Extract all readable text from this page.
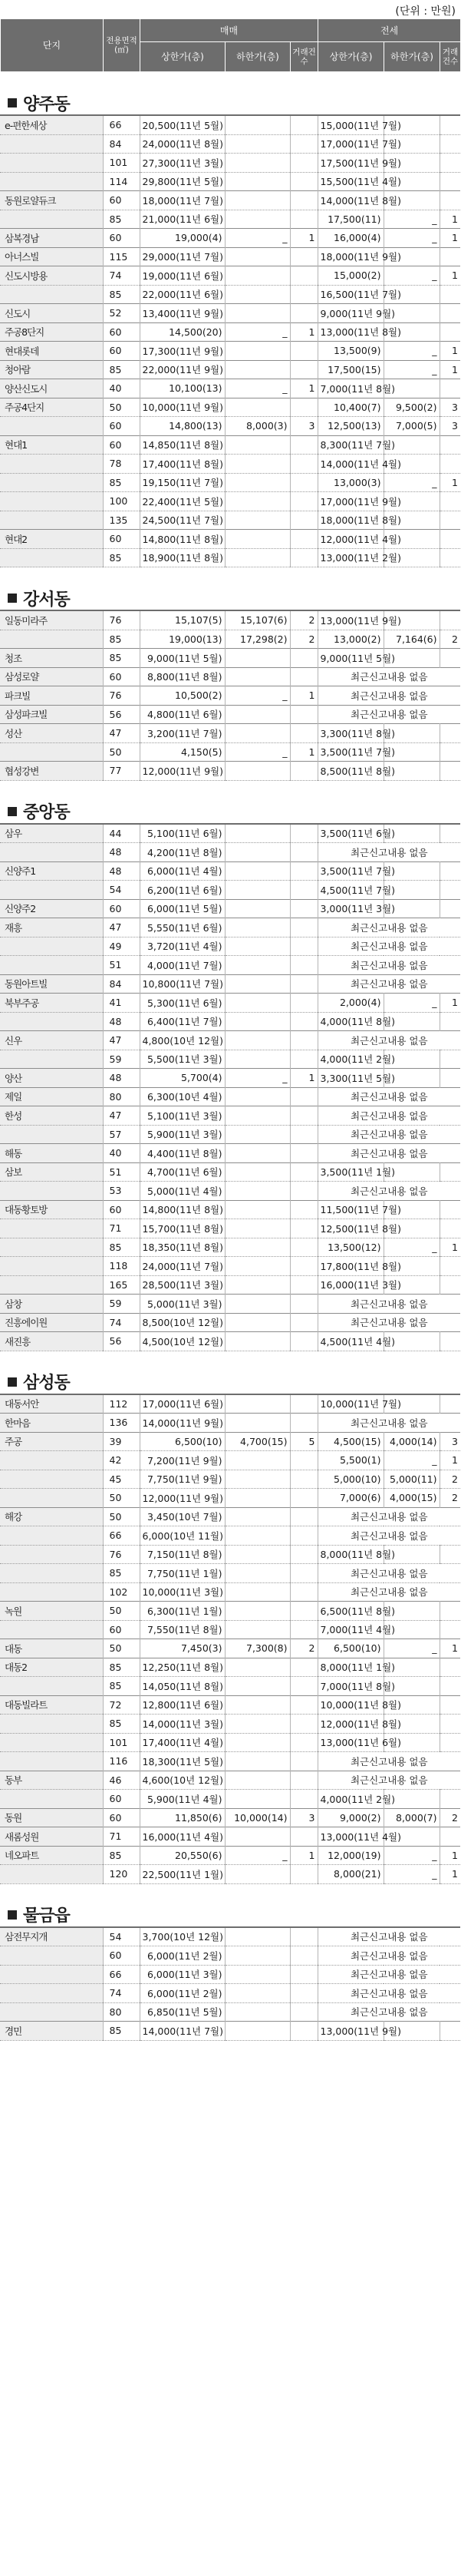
(단위 : 만원)
단지	전용면적(㎡)	매매			전세		
		상한가(층)	하한가(층)	거래건수	상한가(층)	하한가(층)	거래건수
양주동
e-편한세상	66	20,500(11년 5월)			15,000(11년 7월)		
	84	24,000(11년 8월)			17,000(11년 7월)		
	101	27,300(11년 3월)			17,500(11년 9월)		
	114	29,800(11년 5월)			15,500(11년 4월)		
동원로얄듀크	60	18,000(11년 7월)			14,000(11년 8월)		
	85	21,000(11년 6월)			17,500(11)	_	1
삼복경남	60	19,000(4)	_	1	16,000(4)	_	1
아너스빌	115	29,000(11년 7월)			18,000(11년 9월)		
신도시방용	74	19,000(11년 6월)			15,000(2)	_	1
	85	22,000(11년 6월)			16,500(11년 7월)		
신도시	52	13,400(11년 9월)			9,000(11년 9월)		
주공8단지	60	14,500(20)	_	1	13,000(11년 8월)		
현대롯데	60	17,300(11년 9월)			13,500(9)	_	1
청아람	85	22,000(11년 9월)			17,500(15)	_	1
양산신도시	40	10,100(13)	_	1	7,000(11년 8월)		
주공4단지	50	10,000(11년 9월)			10,400(7)	9,500(2)	3
	60	14,800(13)	8,000(3)	3	12,500(13)	7,000(5)	3
현대1	60	14,850(11년 8월)			8,300(11년 7월)		
	78	17,400(11년 8월)			14,000(11년 4월)		
	85	19,150(11년 7월)			13,000(3)	_	1
	100	22,400(11년 5월)			17,000(11년 9월)		
	135	24,500(11년 7월)			18,000(11년 8월)		
현대2	60	14,800(11년 8월)			12,000(11년 4월)		
	85	18,900(11년 8월)			13,000(11년 2월)		
강서동
일동미라주	76	15,107(5)	15,107(6)	2	13,000(11년 9월)		
	85	19,000(13)	17,298(2)	2	13,000(2)	7,164(6)	2
청조	85	9,000(11년 5월)			9,000(11년 5월)		
삼성로얄	60	8,800(11년 8월)			최근신고내용 없음		
파크빌	76	10,500(2)	_	1	최근신고내용 없음		
삼성파크빌	56	4,800(11년 6월)			최근신고내용 없음		
성산	47	3,200(11년 7월)			3,300(11년 8월)		
	50	4,150(5)	_	1	3,500(11년 7월)		
협성강변	77	12,000(11년 9월)			8,500(11년 8월)		
중앙동
삼우	44	5,100(11년 6월)			3,500(11년 6월)		
	48	4,200(11년 8월)			최근신고내용 없음		
신양주1	48	6,000(11년 4월)			3,500(11년 7월)		
	54	6,200(11년 6월)			4,500(11년 7월)		
신양주2	60	6,000(11년 5월)			3,000(11년 3월)		
재흥	47	5,550(11년 6월)			최근신고내용 없음		
	49	3,720(11년 4월)			최근신고내용 없음		
	51	4,000(11년 7월)			최근신고내용 없음		
동원아트빌	84	10,800(11년 7월)			최근신고내용 없음		
북부주공	41	5,300(11년 6월)			2,000(4)	_	1
	48	6,400(11년 7월)			4,000(11년 8월)		
신우	47	4,800(10년 12월)			최근신고내용 없음		
	59	5,500(11년 3월)			4,000(11년 2월)		
양산	48	5,700(4)	_	1	3,300(11년 5월)		
제일	80	6,300(10년 4월)			최근신고내용 없음		
한성	47	5,100(11년 3월)			최근신고내용 없음		
	57	5,900(11년 3월)			최근신고내용 없음		
해동	40	4,400(11년 8월)			최근신고내용 없음		
삼보	51	4,700(11년 6월)			3,500(11년 1월)		
	53	5,000(11년 4월)			최근신고내용 없음		
대동황토방	60	14,800(11년 8월)			11,500(11년 7월)		
	71	15,700(11년 8월)			12,500(11년 8월)		
	85	18,350(11년 8월)			13,500(12)	_	1
	118	24,000(11년 7월)			17,800(11년 8월)		
	165	28,500(11년 3월)			16,000(11년 3월)		
삼창	59	5,000(11년 3월)			최근신고내용 없음		
진흥에이원	74	8,500(10년 12월)			최근신고내용 없음		
새진흥	56	4,500(10년 12월)			4,500(11년 4월)		
삼성동
대동서안	112	17,000(11년 6월)			10,000(11년 7월)		
한마음	136	14,000(11년 9월)			최근신고내용 없음		
주공	39	6,500(10)	4,700(15)	5	4,500(15)	4,000(14)	3
	42	7,200(11년 9월)			5,500(1)	_	1
	45	7,750(11년 9월)			5,000(10)	5,000(11)	2
	50	12,000(11년 9월)			7,000(6)	4,000(15)	2
해강	50	3,450(10년 7월)			최근신고내용 없음		
	66	6,000(10년 11월)			최근신고내용 없음		
	76	7,150(11년 8월)			8,000(11년 8월)		
	85	7,750(11년 1월)			최근신고내용 없음		
	102	10,000(11년 3월)			최근신고내용 없음		
녹원	50	6,300(11년 1월)			6,500(11년 8월)		
	60	7,550(11년 8월)			7,000(11년 4월)		
대동	50	7,450(3)	7,300(8)	2	6,500(10)	_	1
대동2	85	12,250(11년 8월)			8,000(11년 1월)		
	85	14,050(11년 8월)			7,000(11년 8월)		
대동빌라트	72	12,800(11년 6월)			10,000(11년 8월)		
	85	14,000(11년 3월)			12,000(11년 8월)		
	101	17,400(11년 4월)			13,000(11년 6월)		
	116	18,300(11년 5월)			최근신고내용 없음		
동부	46	4,600(10년 12월)			최근신고내용 없음		
	60	5,900(11년 4월)			4,000(11년 2월)		
동원	60	11,850(6)	10,000(14)	3	9,000(2)	8,000(7)	2
새롬성원	71	16,000(11년 4월)			13,000(11년 4월)		
네오파트	85	20,550(6)	_	1	12,000(19)	_	1
	120	22,500(11년 1월)			8,000(21)	_	1
물금읍
삼전무지개	54	3,700(10년 12월)			최근신고내용 없음		
	60	6,000(11년 2월)			최근신고내용 없음		
	66	6,000(11년 3월)			최근신고내용 없음		
	74	6,000(11년 2월)			최근신고내용 없음		
	80	6,850(11년 5월)			최근신고내용 없음		
경민	85	14,000(11년 7월)			13,000(11년 9월)		
